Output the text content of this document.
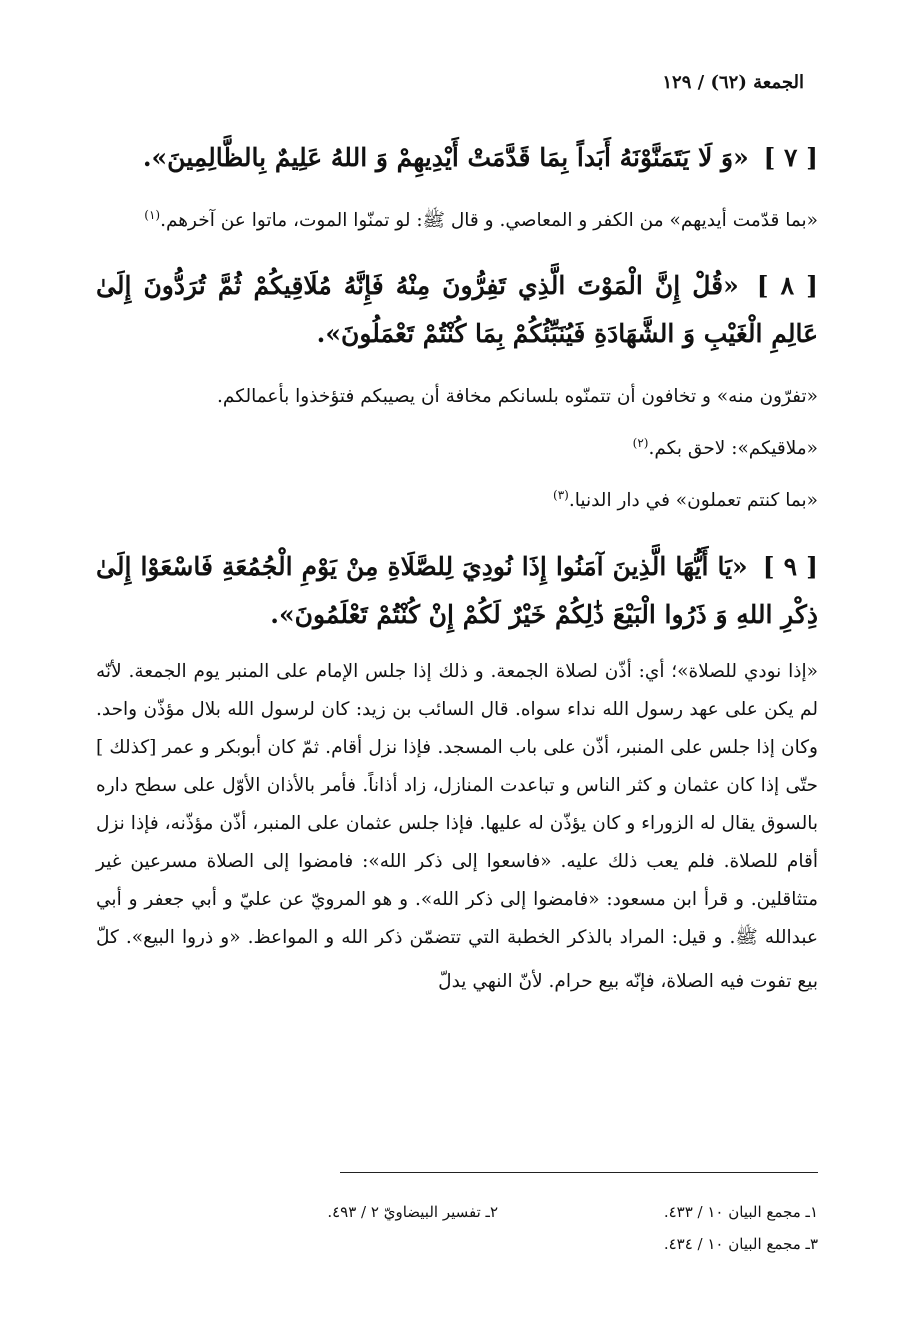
الجمعة (٦٢) / ١٢٩

[ ٧ ] «وَ لَا يَتَمَنَّوْنَهُ أَبَداً بِمَا قَدَّمَتْ أَيْدِيهِمْ وَ اللهُ عَلِيمٌ بِالظَّالِمِينَ».

«بما قدّمت أيديهم» من الكفر و المعاصي. و قال ﷺ: لو تمنّوا الموت، ماتوا عن آخرهم.$^{(١)}$

[ ٨ ] «قُلْ إِنَّ الْمَوْتَ الَّذِي تَفِرُّونَ مِنْهُ فَإِنَّهُ مُلَاقِيكُمْ ثُمَّ تُرَدُّونَ إِلَىٰ عَالِمِ الْغَيْبِ وَ الشَّهَادَةِ فَيُنَبِّئُكُمْ بِمَا كُنْتُمْ تَعْمَلُونَ».

«تفرّون منه» و تخافون أن تتمنّوه بلسانكم مخافة أن يصيبكم فتؤخذوا بأعمالكم.

«ملاقيكم»: لاحق بكم.$^{(٢)}$

«بما كنتم تعملون» في دار الدنيا.$^{(٣)}$

[ ٩ ] «يَا أَيُّهَا الَّذِينَ آمَنُوا إِذَا نُودِيَ لِلصَّلَاةِ مِنْ يَوْمِ الْجُمُعَةِ فَاسْعَوْا إِلَىٰ ذِكْرِ اللهِ وَ ذَرُوا الْبَيْعَ ذَٰلِكُمْ خَيْرٌ لَكُمْ إِنْ كُنْتُمْ تَعْلَمُونَ».

«إذا نودي للصلاة»؛ أي: أذّن لصلاة الجمعة. و ذلك إذا جلس الإمام على المنبر يوم الجمعة. لأنّه لم يكن على عهد رسول الله نداء سواه. قال السائب بن زيد: كان لرسول الله بلال مؤذّن واحد. وكان إذا جلس على المنبر، أذّن على باب المسجد. فإذا نزل أقام. ثمّ كان أبوبكر و عمر [كذلك ] حتّى إذا كان عثمان و كثر الناس و تباعدت المنازل، زاد أذاناً. فأمر بالأذان الأوّل على سطح داره بالسوق يقال له الزوراء و كان يؤذّن له عليها. فإذا جلس عثمان على المنبر، أذّن مؤذّنه، فإذا نزل أقام للصلاة. فلم يعب ذلك عليه. «فاسعوا إلى ذكر الله»: فامضوا إلى الصلاة مسرعين غير متثاقلين. و قرأ ابن مسعود: «فامضوا إلى ذكر الله». و هو المرويّ عن عليّ و أبي جعفر و أبي عبدالله ﷺ. و قيل: المراد بالذكر الخطبة التي تتضمّن ذكر الله و المواعظ. «و ذروا البيع». كلّ بيع تفوت فيه الصلاة، فإنّه بيع حرام. لأنّ النهي يدلّ

١ـ مجمع البيان ١٠ / ٤٣٣.
٢ـ تفسير البيضاويّ ٢ / ٤٩٣.
٣ـ مجمع البيان ١٠ / ٤٣٤.
